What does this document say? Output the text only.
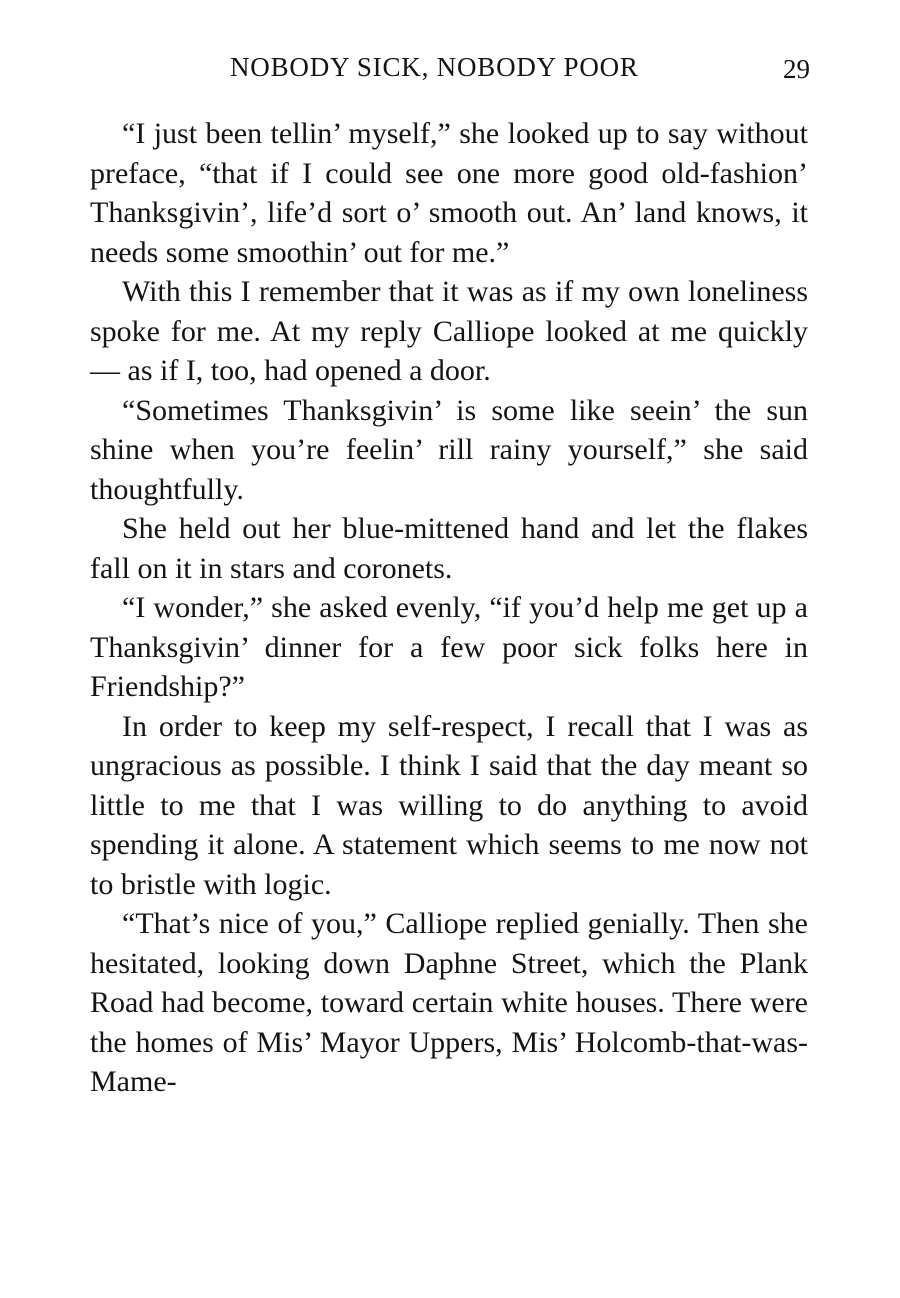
NOBODY SICK, NOBODY POOR	29

“I just been tellin’ myself,” she looked up to say without preface, “that if I could see one more good old-fashion’ Thanksgivin’, life’d sort o’ smooth out. An’ land knows, it needs some smoothin’ out for me.”

With this I remember that it was as if my own loneliness spoke for me. At my reply Calliope looked at me quickly — as if I, too, had opened a door.

“Sometimes Thanksgivin’ is some like seein’ the sun shine when you’re feelin’ rill rainy yourself,” she said thoughtfully.

She held out her blue-mittened hand and let the flakes fall on it in stars and coronets.

“I wonder,” she asked evenly, “if you’d help me get up a Thanksgivin’ dinner for a few poor sick folks here in Friendship?”

In order to keep my self-respect, I recall that I was as ungracious as possible. I think I said that the day meant so little to me that I was willing to do anything to avoid spending it alone. A statement which seems to me now not to bristle with logic.

“That’s nice of you,” Calliope replied genially. Then she hesitated, looking down Daphne Street, which the Plank Road had become, toward certain white houses. There were the homes of Mis’ Mayor Uppers, Mis’ Holcomb-that-was-Mame-
